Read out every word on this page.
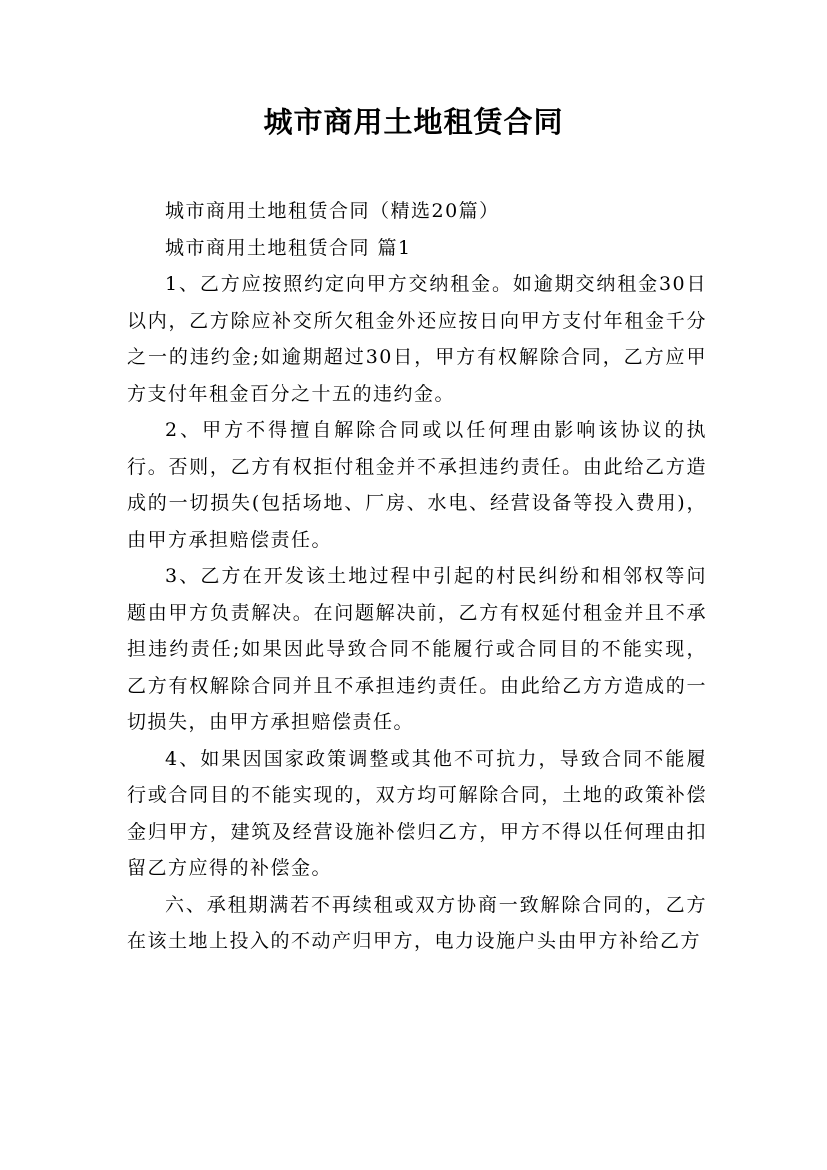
城市商用土地租赁合同

城市商用土地租赁合同（精选20篇）

城市商用土地租赁合同 篇1

1、乙方应按照约定向甲方交纳租金。如逾期交纳租金30日以内，乙方除应补交所欠租金外还应按日向甲方支付年租金千分之一的违约金;如逾期超过30日，甲方有权解除合同，乙方应甲方支付年租金百分之十五的违约金。

2、甲方不得擅自解除合同或以任何理由影响该协议的执行。否则，乙方有权拒付租金并不承担违约责任。由此给乙方造成的一切损失(包括场地、厂房、水电、经营设备等投入费用)，由甲方承担赔偿责任。

3、乙方在开发该土地过程中引起的村民纠纷和相邻权等问题由甲方负责解决。在问题解决前，乙方有权延付租金并且不承担违约责任;如果因此导致合同不能履行或合同目的不能实现，乙方有权解除合同并且不承担违约责任。由此给乙方方造成的一切损失，由甲方承担赔偿责任。

4、如果因国家政策调整或其他不可抗力，导致合同不能履行或合同目的不能实现的，双方均可解除合同，土地的政策补偿金归甲方，建筑及经营设施补偿归乙方，甲方不得以任何理由扣留乙方应得的补偿金。

六、承租期满若不再续租或双方协商一致解除合同的，乙方在该土地上投入的不动产归甲方，电力设施户头由甲方补给乙方
